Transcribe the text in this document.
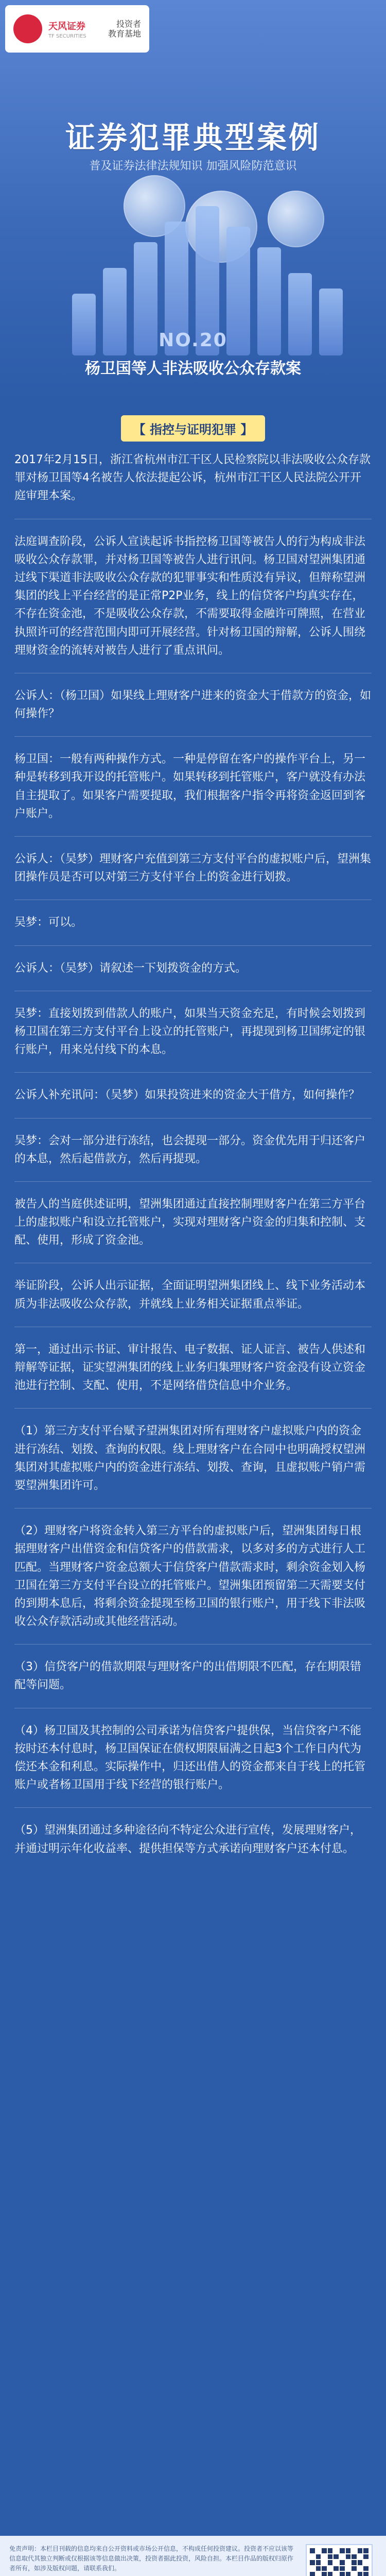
天风证券
TF SECURITIES
投资者
教育基地
证券犯罪典型案例
普及证券法律法规知识 加强风险防范意识
NO.20
杨卫国等人非法吸收公众存款案
【 指控与证明犯罪 】

2017年2月15日，浙江省杭州市江干区人民检察院以非法吸收公众存款罪对杨卫国等4名被告人依法提起公诉，杭州市江干区人民法院公开开庭审理本案。

法庭调查阶段，公诉人宣读起诉书指控杨卫国等被告人的行为构成非法吸收公众存款罪，并对杨卫国等被告人进行讯问。杨卫国对望洲集团通过线下渠道非法吸收公众存款的犯罪事实和性质没有异议，但辩称望洲集团的线上平台经营的是正常P2P业务，线上的信贷客户均真实存在，不存在资金池，不是吸收公众存款，不需要取得金融许可牌照，在营业执照许可的经营范围内即可开展经营。针对杨卫国的辩解，公诉人围绕理财资金的流转对被告人进行了重点讯问。

公诉人：（杨卫国）如果线上理财客户进来的资金大于借款方的资金，如何操作？

杨卫国：一般有两种操作方式。一种是停留在客户的操作平台上，另一种是转移到我开设的托管账户。如果转移到托管账户，客户就没有办法自主提取了。如果客户需要提取，我们根据客户指令再将资金返回到客户账户。

公诉人：（吴梦）理财客户充值到第三方支付平台的虚拟账户后，望洲集团操作员是否可以对第三方支付平台上的资金进行划拨。

吴梦：可以。

公诉人：（吴梦）请叙述一下划拨资金的方式。

吴梦：直接划拨到借款人的账户，如果当天资金充足，有时候会划拨到杨卫国在第三方支付平台上设立的托管账户，再提现到杨卫国绑定的银行账户，用来兑付线下的本息。

公诉人补充讯问：（吴梦）如果投资进来的资金大于借方，如何操作？

吴梦：会对一部分进行冻结，也会提现一部分。资金优先用于归还客户的本息，然后起借款方，然后再提现。

被告人的当庭供述证明，望洲集团通过直接控制理财客户在第三方平台上的虚拟账户和设立托管账户，实现对理财客户资金的归集和控制、支配、使用，形成了资金池。

举证阶段，公诉人出示证据，全面证明望洲集团线上、线下业务活动本质为非法吸收公众存款，并就线上业务相关证据重点举证。

第一，通过出示书证、审计报告、电子数据、证人证言、被告人供述和辩解等证据，证实望洲集团的线上业务归集理财客户资金没有设立资金池进行控制、支配、使用，不是网络借贷信息中介业务。

（1）第三方支付平台赋予望洲集团对所有理财客户虚拟账户内的资金进行冻结、划拨、查询的权限。线上理财客户在合同中也明确授权望洲集团对其虚拟账户内的资金进行冻结、划拨、查询，且虚拟账户销户需要望洲集团许可。

（2）理财客户将资金转入第三方平台的虚拟账户后，望洲集团每日根据理财客户出借资金和信贷客户的借款需求，以多对多的方式进行人工匹配。当理财客户资金总额大于信贷客户借款需求时，剩余资金划入杨卫国在第三方支付平台设立的托管账户。望洲集团预留第二天需要支付的到期本息后，将剩余资金提现至杨卫国的银行账户，用于线下非法吸收公众存款活动或其他经营活动。

（3）信贷客户的借款期限与理财客户的出借期限不匹配，存在期限错配等问题。

（4）杨卫国及其控制的公司承诺为信贷客户提供保，当信贷客户不能按时还本付息时，杨卫国保证在债权期限届满之日起3个工作日内代为偿还本金和利息。实际操作中，归还出借人的资金都来自于线上的托管账户或者杨卫国用于线下经营的银行账户。

（5）望洲集团通过多种途径向不特定公众进行宣传，发展理财客户，并通过明示年化收益率、提供担保等方式承诺向理财客户还本付息。

免责声明：本栏目刊载的信息均来自公开资料或市场公开信息，不构成任何投资建议。投资者不应以该等信息取代其独立判断或仅根据该等信息做出决策，投资者据此投资，风险自担。本栏目作品的版权归原作者所有，如涉及版权问题，请联系我们。
